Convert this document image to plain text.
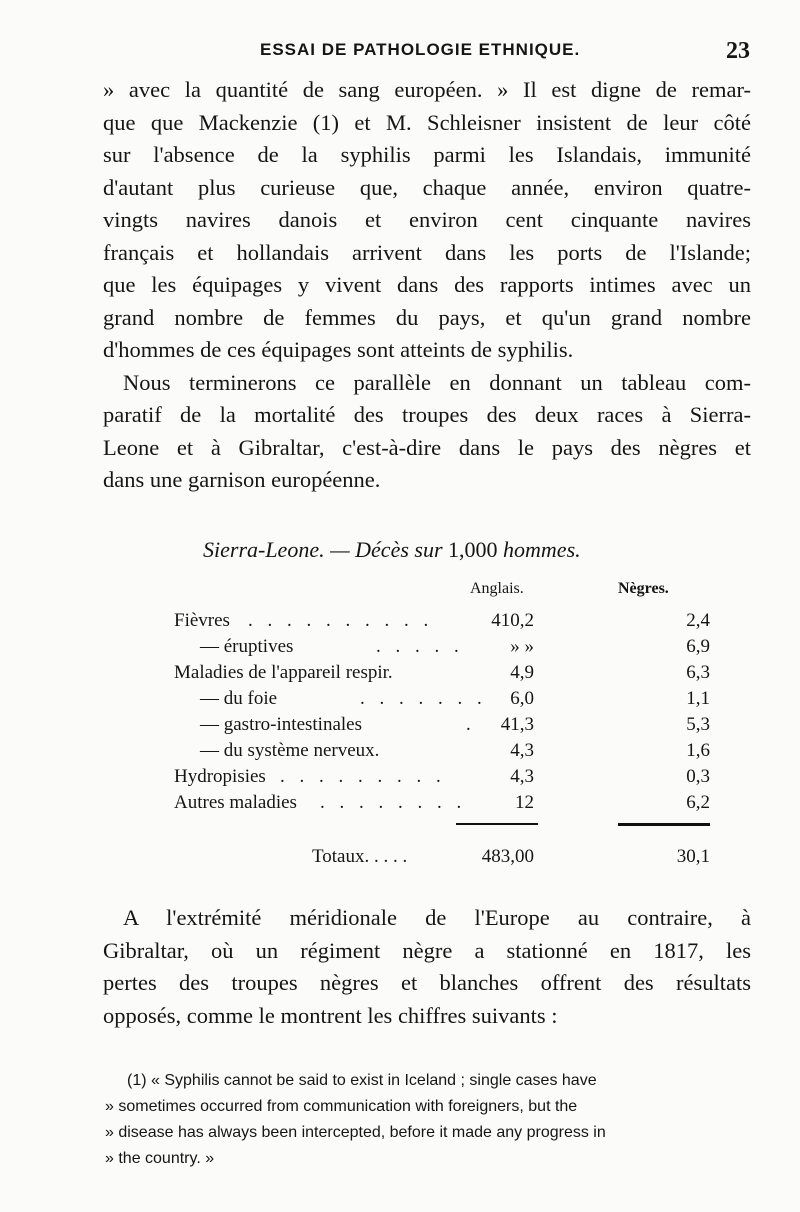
ESSAI DE PATHOLOGIE ETHNIQUE.	23
» avec la quantité de sang européen. » Il est digne de remar-
que que Mackenzie (1) et M. Schleisner insistent de leur côté
sur l'absence de la syphilis parmi les Islandais, immunité
d'autant plus curieuse que, chaque année, environ quatre-
vingts navires danois et environ cent cinquante navires
français et hollandais arrivent dans les ports de l'Islande;
que les équipages y vivent dans des rapports intimes avec un
grand nombre de femmes du pays, et qu'un grand nombre
d'hommes de ces équipages sont atteints de syphilis.
Nous terminerons ce parallèle en donnant un tableau com-
paratif de la mortalité des troupes des deux races à Sierra-
Leone et à Gibraltar, c'est-à-dire dans le pays des nègres et
dans une garnison européenne.
Sierra-Leone. — Décès sur 1,000 hommes.
Anglais.	Nègres.
Fièvres . . . . . . . . . .	410,2	2,4
— éruptives	. . . . . » »	6,9
Maladies de l'appareil respir.	4,9	6,3
— du foie	. . . . . . . 6,0	1,1
— gastro-intestinales	. 41,3	5,3
— du système nerveux.	4,3	1,6
Hydropisies . . . . . . . . .	4,3	0,3
Autres maladies . . . . . . . .	12	6,2
Totaux. . . . .	483,00	30,1
A l'extrémité méridionale de l'Europe au contraire, à
Gibraltar, où un régiment nègre a stationné en 1817, les
pertes des troupes nègres et blanches offrent des résultats
opposés, comme le montrent les chiffres suivants :
(1) « Syphilis cannot be said to exist in Iceland ; single cases have
» sometimes occurred from communication with foreigners, but the
» disease has always been intercepted, before it made any progress in
» the country. »
